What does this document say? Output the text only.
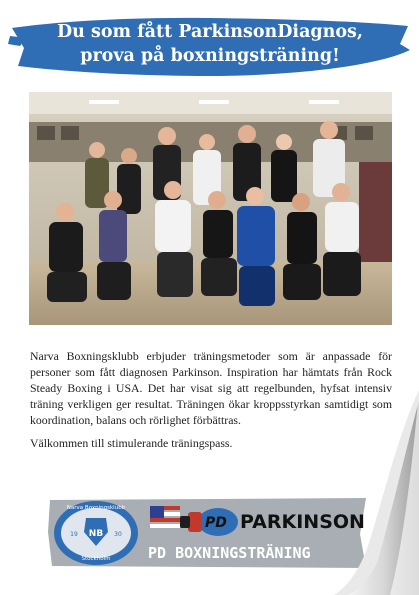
Du som fått ParkinsonDiagnos,
prova på boxningsträning!

Narva Boxningsklubb erbjuder träningsmetoder som är anpassade för personer som fått diagnosen Parkinson. Inspiration har hämtats från Rock Steady Boxing i USA. Det har visat sig att regelbunden, hyfsat intensiv träning verkligen ger resultat. Träningen ökar kroppsstyrkan samtidigt som koordination, balans och rörlighet förbättras.

Välkommen till stimulerande träningspass.

NB
Narva Boxningsklubb
19	30
Stockholm
PD PARKINSON
PD BOXNINGSTRÄNING
